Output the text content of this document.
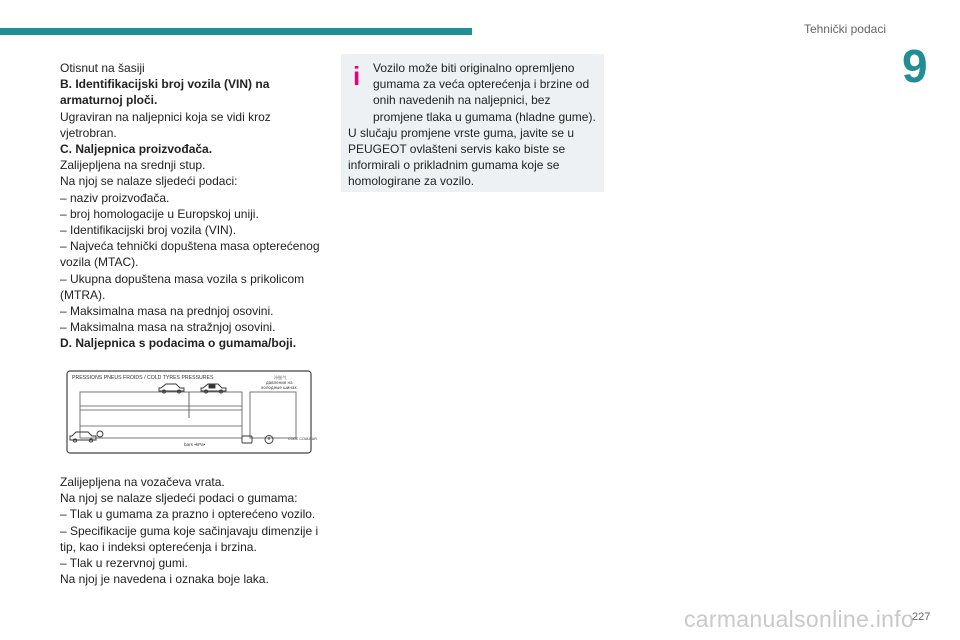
Tehnički podaci
9

Otisnut na šasiji

B. Identifikacijski broj vozila (VIN) na armaturnoj ploči.

Ugraviran na naljepnici koja se vidi kroz vjetrobran.

C. Naljepnica proizvođača.

Zalijepljena na srednji stup.

Na njoj se nalaze sljedeći podaci:

– naziv proizvođača.

– broj homologacije u Europskoj uniji.

– Identifikacijski broj vozila (VIN).

– Najveća tehnički dopuštena masa opterećenog vozila (MTAC).

– Ukupna dopuštena masa vozila s prikolicom (MTRA).

– Maksimalna masa na prednjoj osovini.

– Maksimalna masa na stražnjoj osovini.

D. Naljepnica s podacima o gumama/boji.

PRESSIONS PNEUS FROIDS / COLD TYRES PRESSURES	冷胎气
давление на
холодные шинах
bars •kPa•
CODE COULEUR

Zalijepljena na vozačeva vrata.

Na njoj se nalaze sljedeći podaci o gumama:

– Tlak u gumama za prazno i opterećeno vozilo.

– Specifikacije guma koje sačinjavaju dimenzije i tip, kao i indeksi opterećenja i brzina.

– Tlak u rezervnoj gumi.

Na njoj je navedena i oznaka boje laka.

i	Vozilo može biti originalno opremljeno gumama za veća opterećenja i brzine od onih navedenih na naljepnici, bez promjene tlaka u gumama (hladne gume).

U slučaju promjene vrste guma, javite se u PEUGEOT ovlašteni servis kako biste se informirali o prikladnim gumama koje se homologirane za vozilo.

carmanualsonline.info
227
